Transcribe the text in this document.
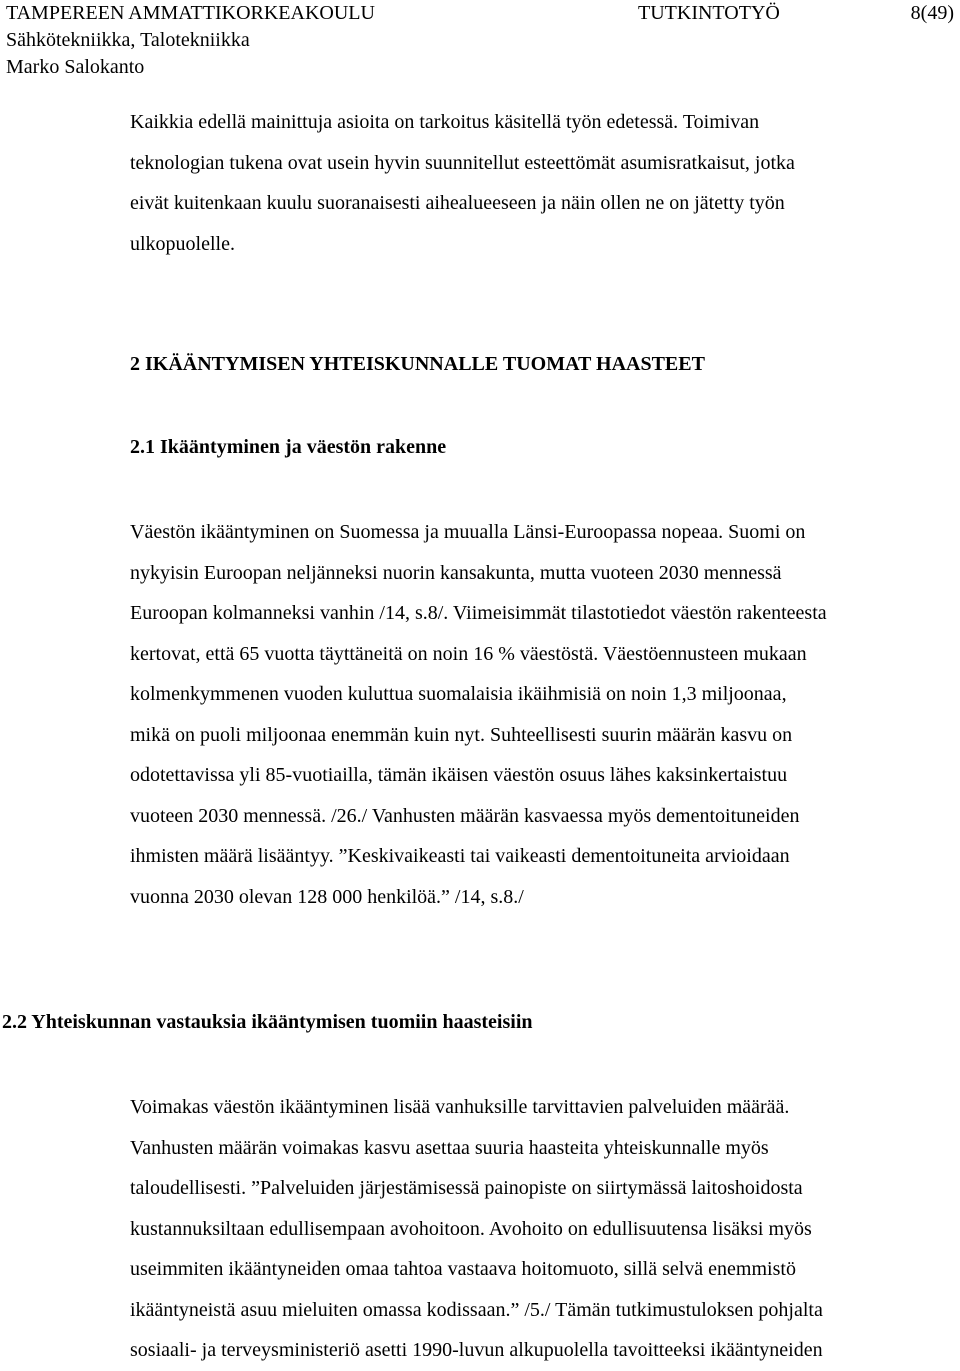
TAMPEREEN AMMATTIKORKEAKOULU	TUTKINTOTYÖ	8(49)
Sähkötekniikka, Talotekniikka
Marko Salokanto
Kaikkia edellä mainittuja asioita on tarkoitus käsitellä työn edetessä. Toimivan
teknologian tukena ovat usein hyvin suunnitellut esteettömät asumisratkaisut, jotka
eivät kuitenkaan kuulu suoranaisesti aihealueeseen ja näin ollen ne on jätetty työn
ulkopuolelle.
2 IKÄÄNTYMISEN YHTEISKUNNALLE TUOMAT HAASTEET
2.1 Ikääntyminen ja väestön rakenne
Väestön ikääntyminen on Suomessa ja muualla Länsi-Euroopassa nopeaa. Suomi on
nykyisin Euroopan neljänneksi nuorin kansakunta, mutta vuoteen 2030 mennessä
Euroopan kolmanneksi vanhin /14, s.8/. Viimeisimmät tilastotiedot väestön rakenteesta
kertovat, että 65 vuotta täyttäneitä on noin 16 % väestöstä. Väestöennusteen mukaan
kolmenkymmenen vuoden kuluttua suomalaisia ikäihmisiä on noin 1,3 miljoonaa,
mikä on puoli miljoonaa enemmän kuin nyt. Suhteellisesti suurin määrän kasvu on
odotettavissa yli 85-vuotiailla, tämän ikäisen väestön osuus lähes kaksinkertaistuu
vuoteen 2030 mennessä. /26./ Vanhusten määrän kasvaessa myös dementoituneiden
ihmisten määrä lisääntyy. ”Keskivaikeasti tai vaikeasti dementoituneita arvioidaan
vuonna 2030 olevan 128 000 henkilöä.” /14, s.8./
2.2 Yhteiskunnan vastauksia ikääntymisen tuomiin haasteisiin
Voimakas väestön ikääntyminen lisää vanhuksille tarvittavien palveluiden määrää.
Vanhusten määrän voimakas kasvu asettaa suuria haasteita yhteiskunnalle myös
taloudellisesti. ”Palveluiden järjestämisessä painopiste on siirtymässä laitoshoidosta
kustannuksiltaan edullisempaan avohoitoon. Avohoito on edullisuutensa lisäksi myös
useimmiten ikääntyneiden omaa tahtoa vastaava hoitomuoto, sillä selvä enemmistö
ikääntyneistä asuu mieluiten omassa kodissaan.” /5./ Tämän tutkimustuloksen pohjalta
sosiaali- ja terveysministeriö asetti 1990-luvun alkupuolella tavoitteeksi ikääntyneiden
